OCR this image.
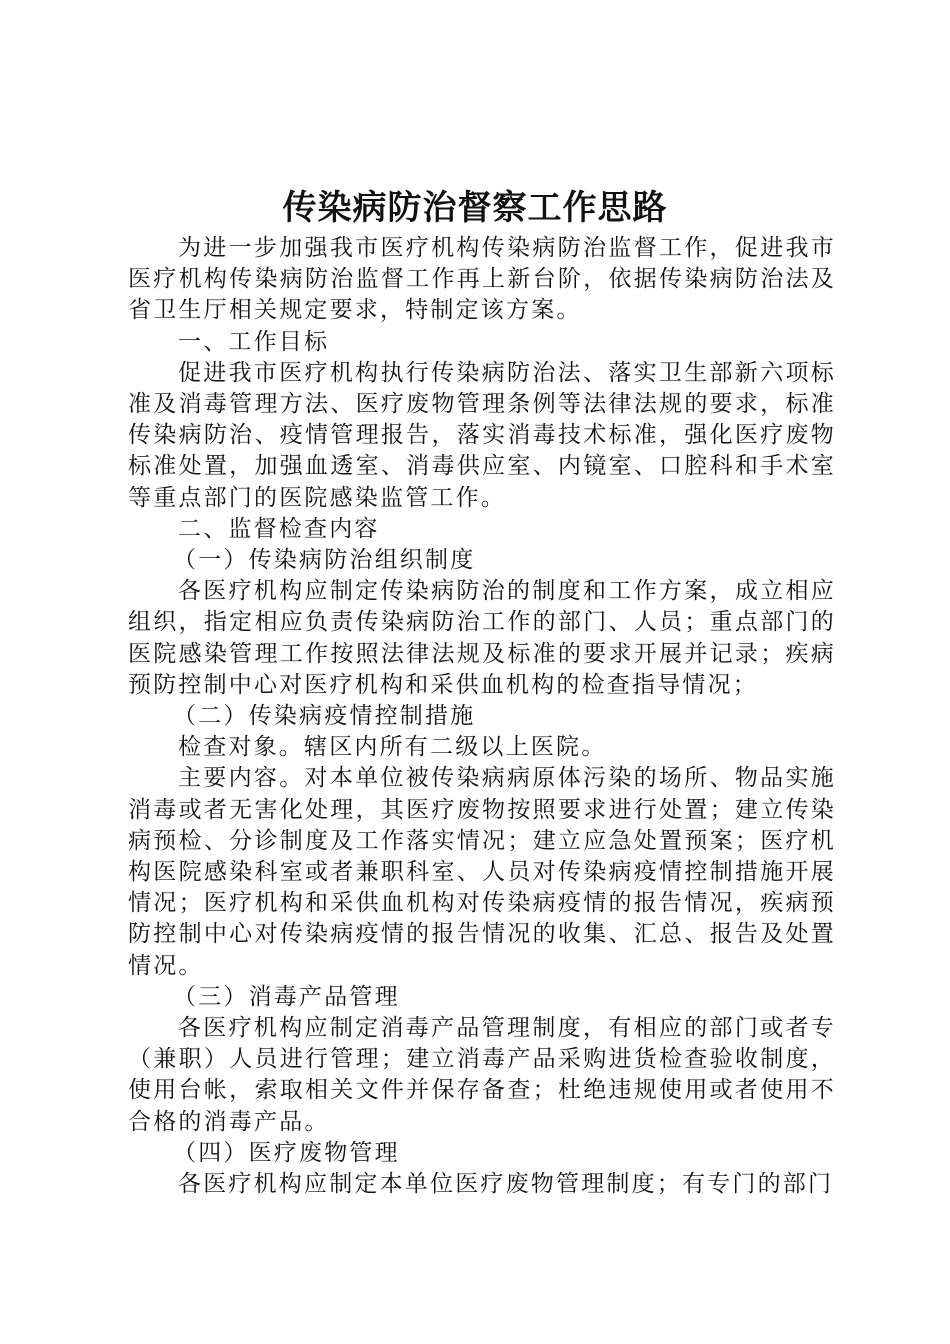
传染病防治督察工作思路

为进一步加强我市医疗机构传染病防治监督工作，促进我市医疗机构传染病防治监督工作再上新台阶，依据传染病防治法及省卫生厅相关规定要求，特制定该方案。

一、工作目标

促进我市医疗机构执行传染病防治法、落实卫生部新六项标准及消毒管理方法、医疗废物管理条例等法律法规的要求，标准传染病防治、疫情管理报告，落实消毒技术标准，强化医疗废物标准处置，加强血透室、消毒供应室、内镜室、口腔科和手术室等重点部门的医院感染监管工作。

二、监督检查内容

（一）传染病防治组织制度

各医疗机构应制定传染病防治的制度和工作方案，成立相应组织，指定相应负责传染病防治工作的部门、人员；重点部门的医院感染管理工作按照法律法规及标准的要求开展并记录；疾病预防控制中心对医疗机构和采供血机构的检查指导情况；

（二）传染病疫情控制措施

检查对象。辖区内所有二级以上医院。

主要内容。对本单位被传染病病原体污染的场所、物品实施消毒或者无害化处理，其医疗废物按照要求进行处置；建立传染病预检、分诊制度及工作落实情况；建立应急处置预案；医疗机构医院感染科室或者兼职科室、人员对传染病疫情控制措施开展情况；医疗机构和采供血机构对传染病疫情的报告情况，疾病预防控制中心对传染病疫情的报告情况的收集、汇总、报告及处置情况。

（三）消毒产品管理

各医疗机构应制定消毒产品管理制度，有相应的部门或者专（兼职）人员进行管理；建立消毒产品采购进货检查验收制度，使用台帐，索取相关文件并保存备查；杜绝违规使用或者使用不合格的消毒产品。

（四）医疗废物管理

各医疗机构应制定本单位医疗废物管理制度；有专门的部门
